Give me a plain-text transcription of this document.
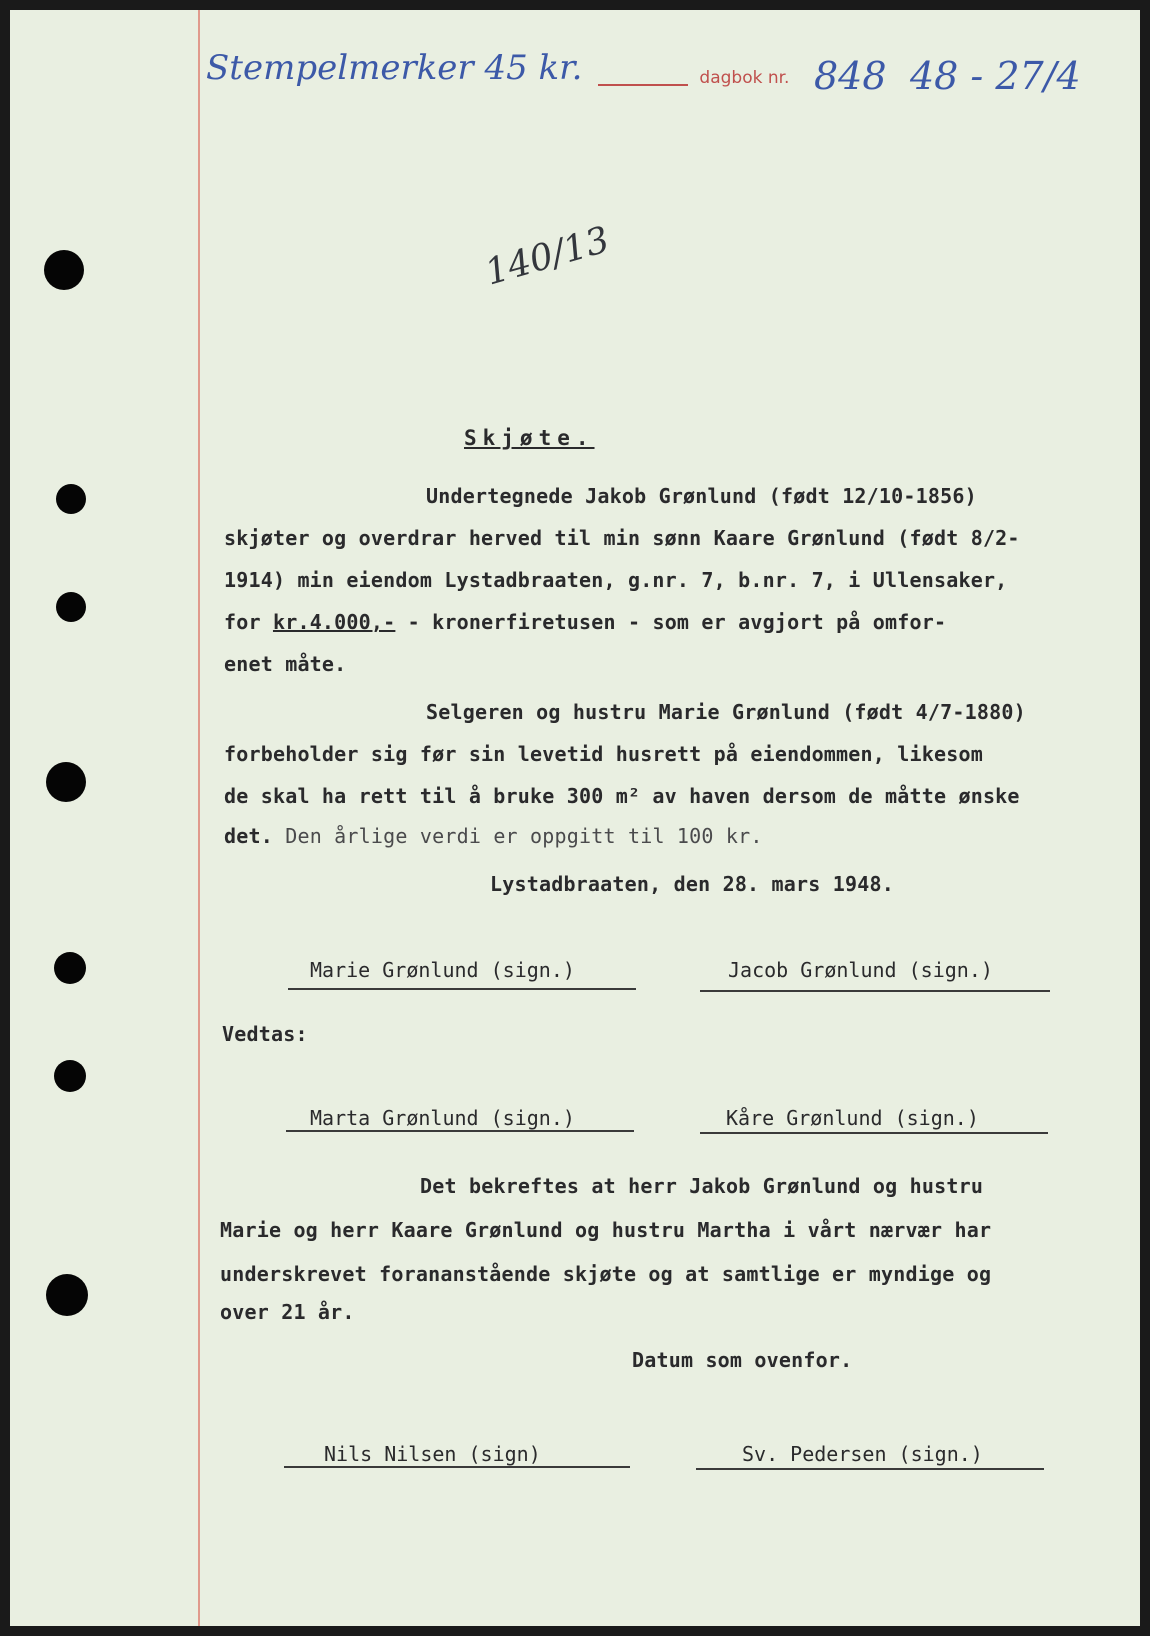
Stempelmerker 45 kr.	dagbok nr. 848 48 - 27/4
140/13
Skjøte.
Undertegnede Jakob Grønlund (født 12/10-1856)
skjøter og overdrar herved til min sønn Kaare Grønlund (født 8/2-
1914) min eiendom Lystadbraaten, g.nr. 7, b.nr. 7, i Ullensaker,
for kr.4.000,- - kronerfiretusen - som er avgjort på omfor-
enet måte.
Selgeren og hustru Marie Grønlund (født 4/7-1880)
forbeholder sig før sin levetid husrett på eiendommen, likesom
de skal ha rett til å bruke 300 m² av haven dersom de måtte ønske
det. Den årlige verdi er oppgitt til 100 kr.
Lystadbraaten, den 28. mars 1948.
Marie Grønlund (sign.)	Jacob Grønlund (sign.)
Vedtas:
Marta Grønlund (sign.)	Kåre Grønlund (sign.)
Det bekreftes at herr Jakob Grønlund og hustru
Marie og herr Kaare Grønlund og hustru Martha i vårt nærvær har
underskrevet forananstående skjøte og at samtlige er myndige og
over 21 år.
Datum som ovenfor.
Nils Nilsen (sign)	Sv. Pedersen (sign.)
